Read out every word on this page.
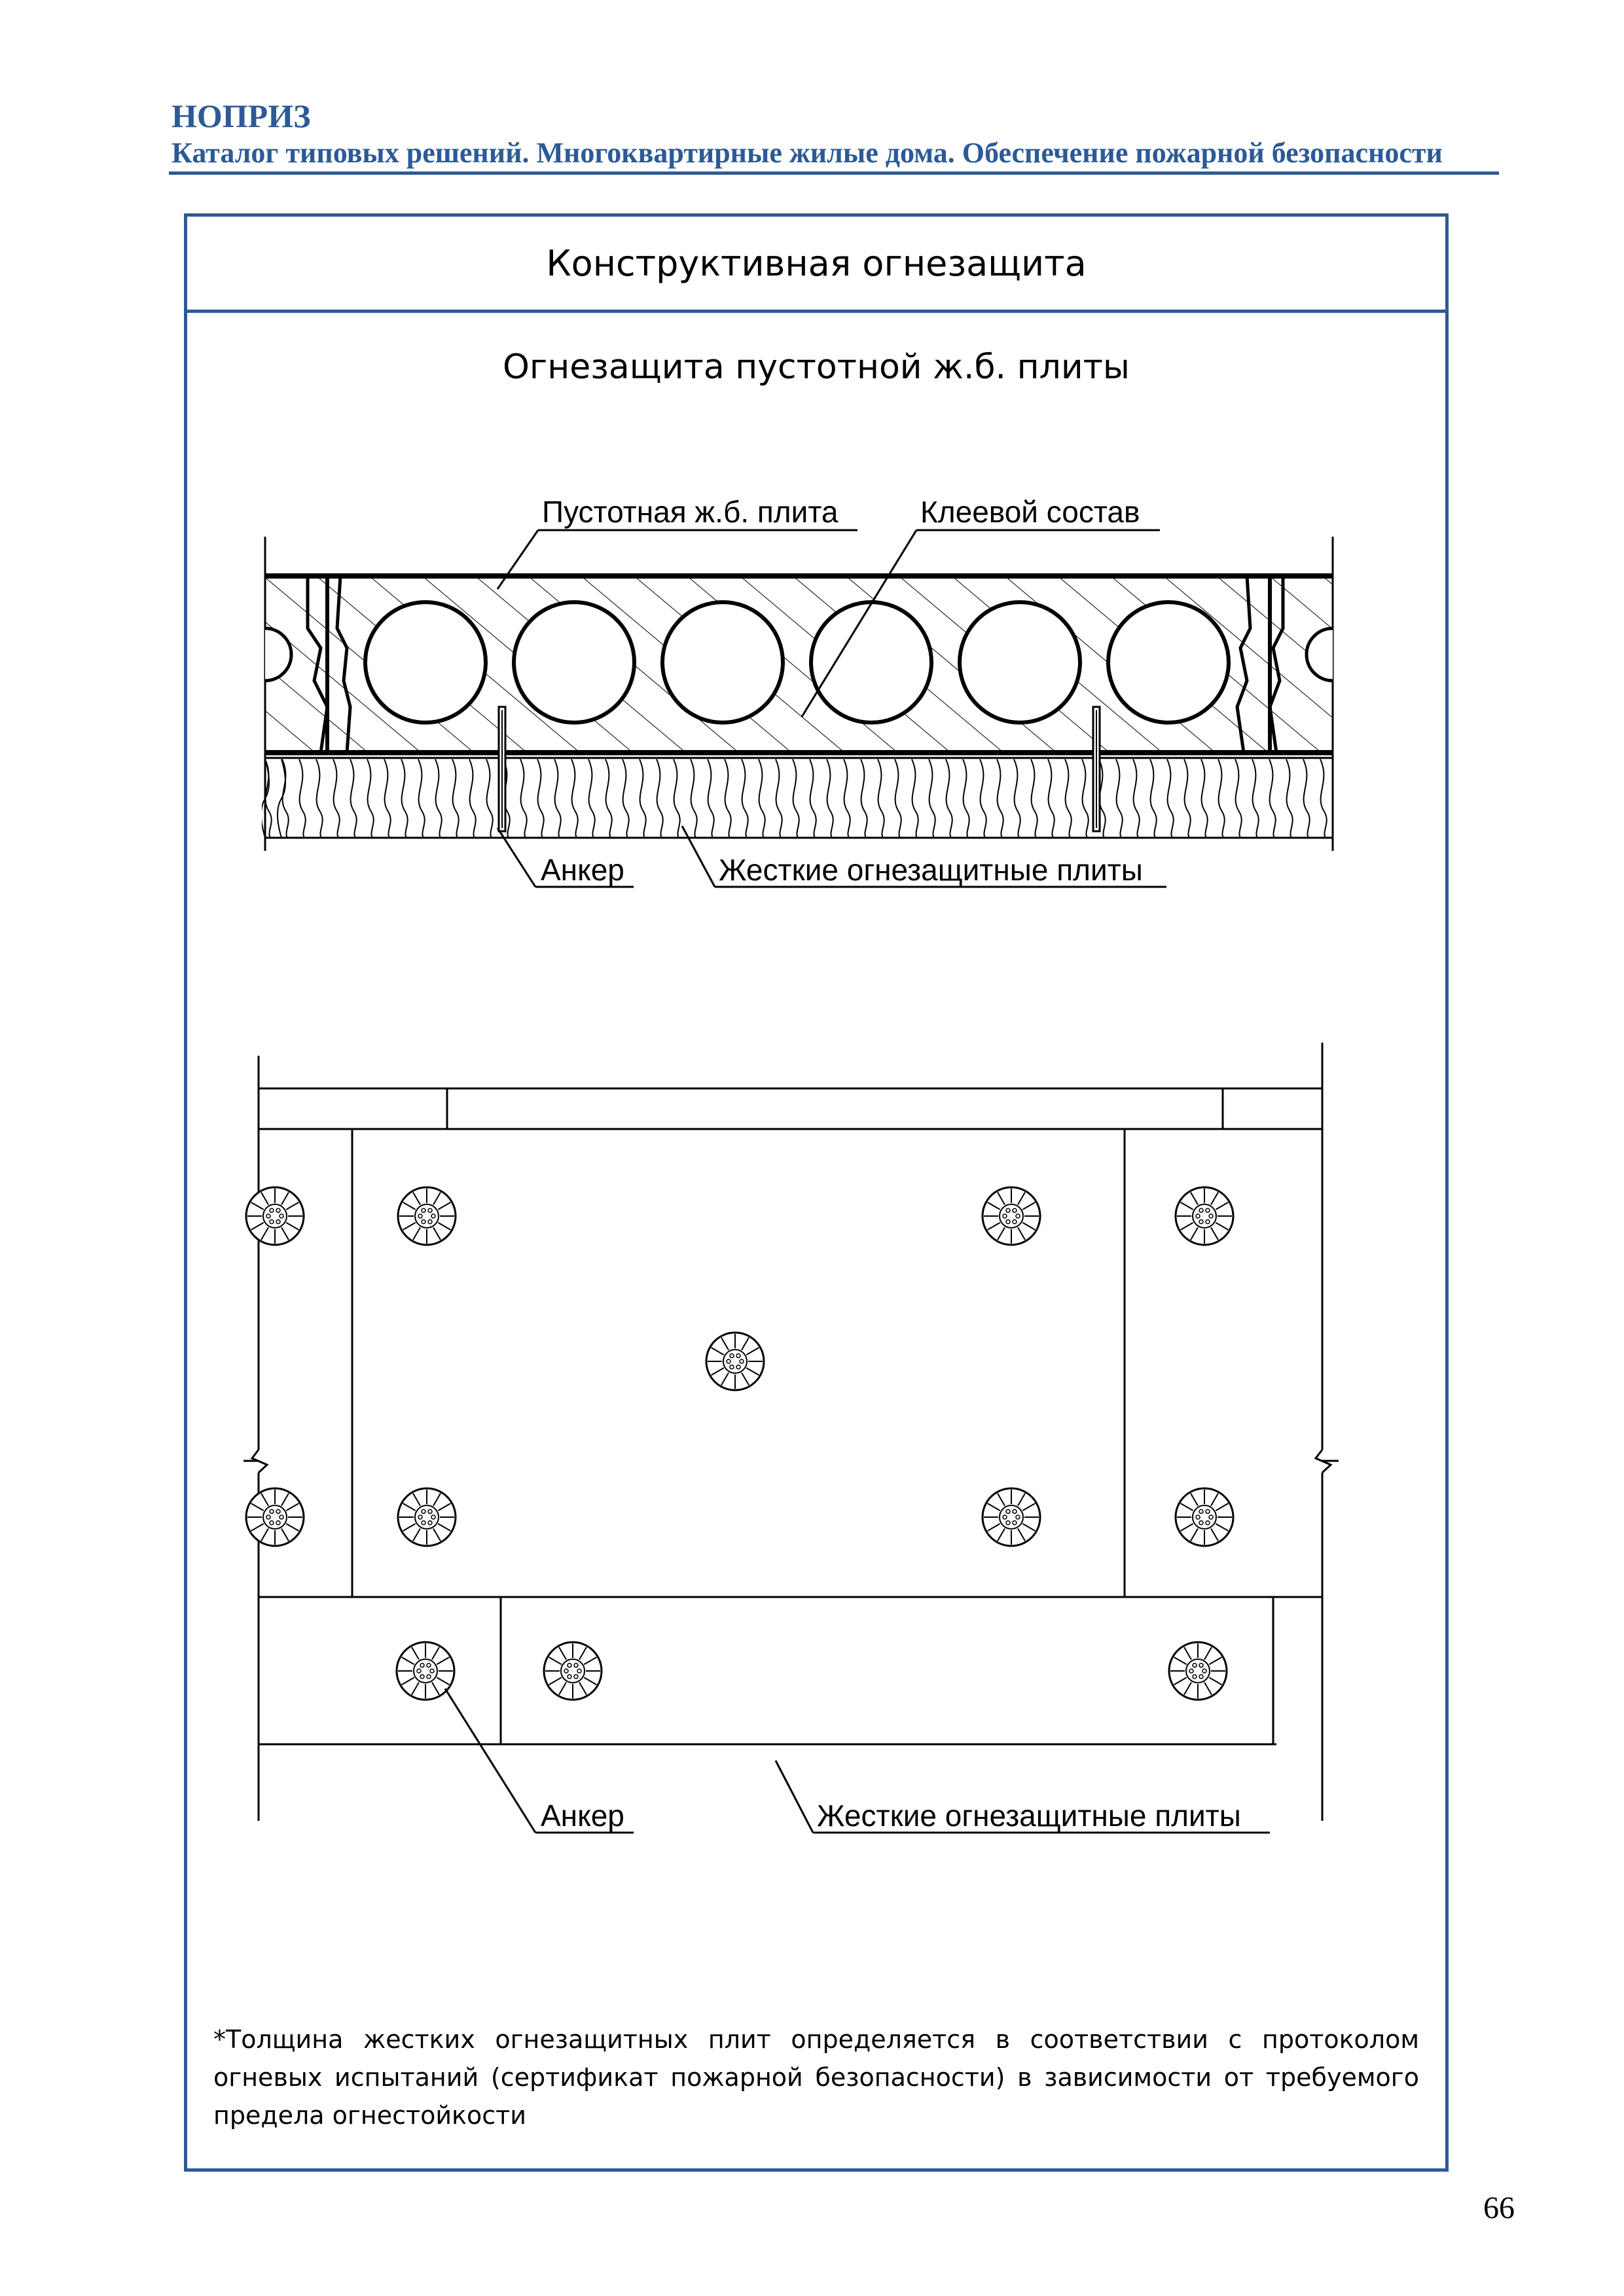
НОПРИЗ
Каталог типовых решений. Многоквартирные жилые дома. Обеспечение пожарной безопасности
Конструктивная огнезащита
Огнезащита пустотной ж.б. плиты
*Толщина жестких огнезащитных плит определяется в соответствии с протоколом огневых испытаний (сертификат пожарной безопасности) в зависимости от требуемого предела огнестойкости
Пустотная ж.б. плита	Клеевой состав
Анкер	Жесткие огнезащитные плиты
Анкер	Жесткие огнезащитные плиты
66
